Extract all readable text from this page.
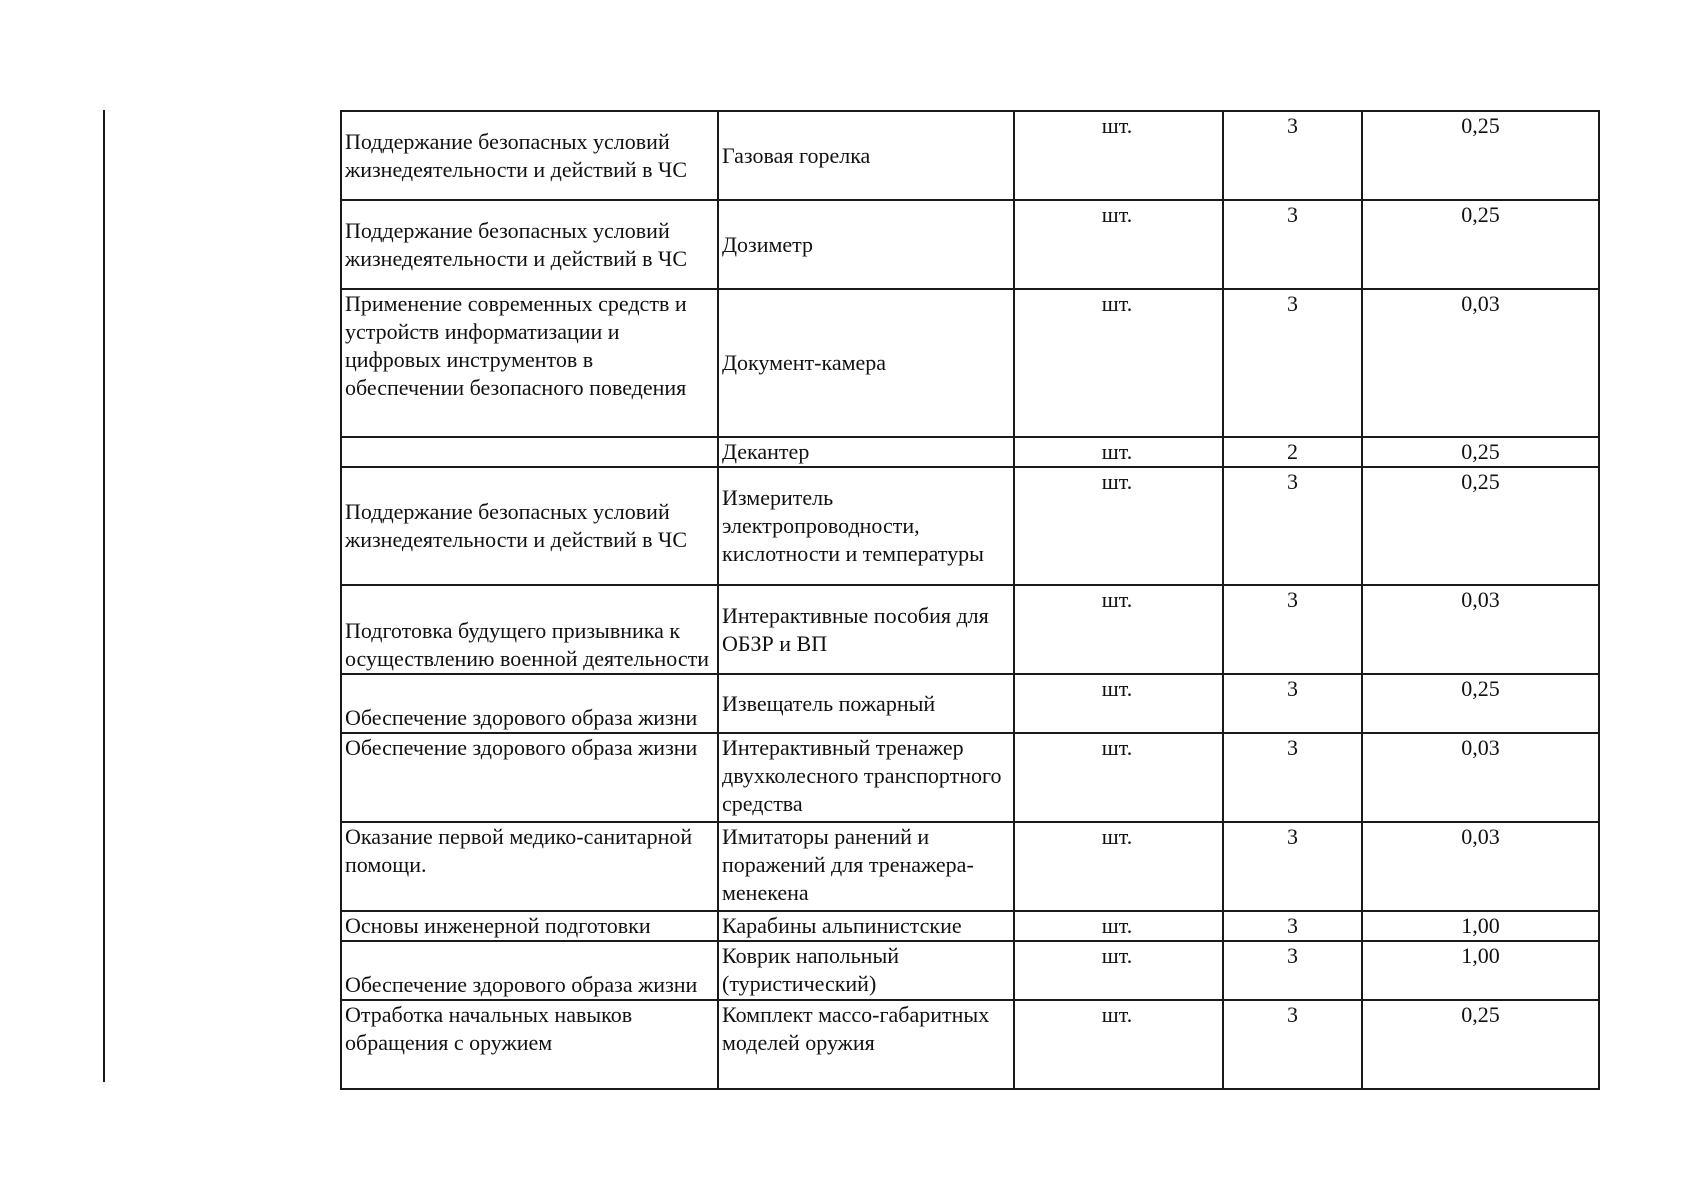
Поддержание безопасных условий жизнедеятельности и действий в ЧС	Газовая горелка	шт.	3	0,25
Поддержание безопасных условий жизнедеятельности и действий в ЧС	Дозиметр	шт.	3	0,25
Применение современных средств и устройств информатизации и цифровых инструментов в обеспечении безопасного поведения	Документ-камера	шт.	3	0,03
	Декантер	шт.	2	0,25
Поддержание безопасных условий жизнедеятельности и действий в ЧС	Измеритель электропроводности, кислотности и температуры	шт.	3	0,25
Подготовка будущего призывника к осуществлению военной деятельности	Интерактивные пособия для ОБЗР и ВП	шт.	3	0,03
Обеспечение здорового образа жизни	Извещатель пожарный	шт.	3	0,25
Обеспечение здорового образа жизни	Интерактивный тренажер двухколесного транспортного средства	шт.	3	0,03
Оказание первой медико-санитарной помощи.	Имитаторы ранений и поражений для тренажера-менекена	шт.	3	0,03
Основы инженерной подготовки	Карабины альпинистские	шт.	3	1,00
Обеспечение здорового образа жизни	Коврик напольный (туристический)	шт.	3	1,00
Отработка начальных навыков обращения с оружием	Комплект массо-габаритных моделей оружия	шт.	3	0,25
